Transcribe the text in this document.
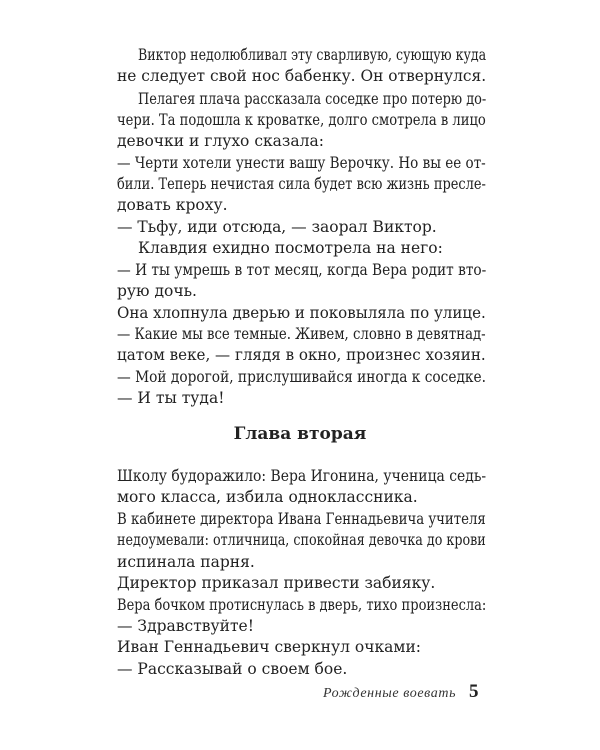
Виктор недолюбливал эту сварливую, сующую куда
не следует свой нос бабенку. Он отвернулся.
Пелагея плача рассказала соседке про потерю до-
чери. Та подошла к кроватке, долго смотрела в лицо
девочки и глухо сказала:
— Черти хотели унести вашу Верочку. Но вы ее от-
били. Теперь нечистая сила будет всю жизнь пресле-
довать кроху.
— Тьфу, иди отсюда, — заорал Виктор.
Клавдия ехидно посмотрела на него:
— И ты умрешь в тот месяц, когда Вера родит вто-
рую дочь.
Она хлопнула дверью и поковыляла по улице.
— Какие мы все темные. Живем, словно в девятнад-
цатом веке, — глядя в окно, произнес хозяин.
— Мой дорогой, прислушивайся иногда к соседке.
— И ты туда!
Глава вторая
Школу будоражило: Вера Игонина, ученица седь-
мого класса, избила одноклассника.
В кабинете директора Ивана Геннадьевича учителя
недоумевали: отличница, спокойная девочка до крови
испинала парня.
Директор приказал привести забияку.
Вера бочком протиснулась в дверь, тихо произнесла:
— Здравствуйте!
Иван Геннадьевич сверкнул очками:
— Рассказывай о своем бое.
Рожденные воевать 5
